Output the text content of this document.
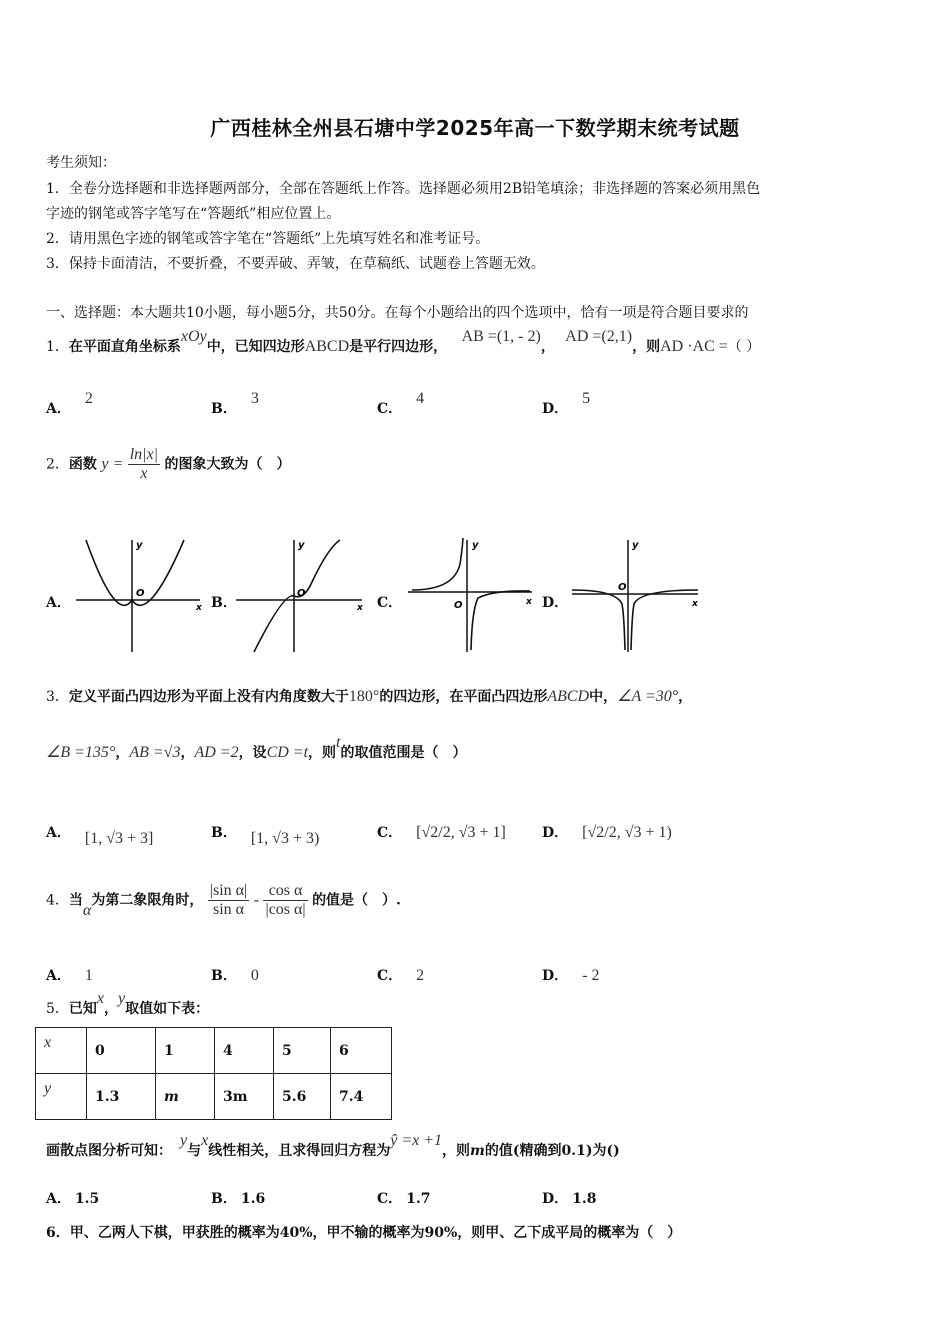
广西桂林全州县石塘中学2025年高一下数学期末统考试题
考生须知：
1．全卷分选择题和非选择题两部分，全部在答题纸上作答。选择题必须用2B铅笔填涂；非选择题的答案必须用黑色
字迹的钢笔或答字笔写在“答题纸”相应位置上。
2．请用黑色字迹的钢笔或答字笔在“答题纸”上先填写姓名和准考证号。
3．保持卡面清洁，不要折叠，不要弄破、弄皱，在草稿纸、试题卷上答题无效。
一、选择题：本大题共10小题，每小题5分，共50分。在每个小题给出的四个选项中，恰有一项是符合题目要求的
1．在平面直角坐标系xOy中，已知四边形ABCD是平行四边形， AB =(1, - 2)， AD =(2,1)，则AD ·AC =（ ）
A．2
B．3
C．4
D．5
2．函数 $y = \frac{\ln|x|}{x}$ 的图象大致为（　）
A．	B．	C．	D．
y
x
O
y
x
O
y
x
O
y
x
O
3．定义平面凸四边形为平面上没有内角度数大于180°的四边形，在平面凸四边形ABCD中，∠A =30°，
∠B =135°，AB =√3，AD =2，设CD =t，则t的取值范围是（　）
A． [1, √3 + 3]	B． [1, √3 + 3)	C． [√2/2, √3 + 1]	D． [√2/2, √3 + 1)
4．当α为第二象限角时， $\frac{\text{|sin α|}}{\text{sin α}} - \frac{\text{cos α}}{\text{|cos α|}}$ 的值是（　）.
A． 1	B． 0	C． 2	D． - 2
5．已知x，y取值如下表：
x	0	1	4	5	6
y	1.3	m	3m	5.6	7.4
画散点图分析可知：y与x线性相关，且求得回归方程为ŷ =x +1，则m的值(精确到0.1)为()
A． 1.5	B． 1.6	C． 1.7	D． 1.8
6．甲、乙两人下棋，甲获胜的概率为40%，甲不输的概率为90%，则甲、乙下成平局的概率为（　）
